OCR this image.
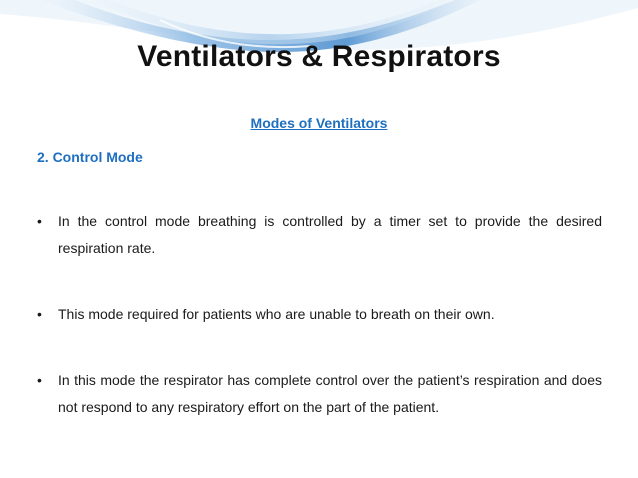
Ventilators & Respirators
Modes of Ventilators
2. Control Mode
• In the control mode breathing is controlled by a timer set to provide the desired respiration rate.
• This mode required for patients who are unable to breath on their own.
• In this mode the respirator has complete control over the patient’s respiration and does not respond to any respiratory effort on the part of the patient.
